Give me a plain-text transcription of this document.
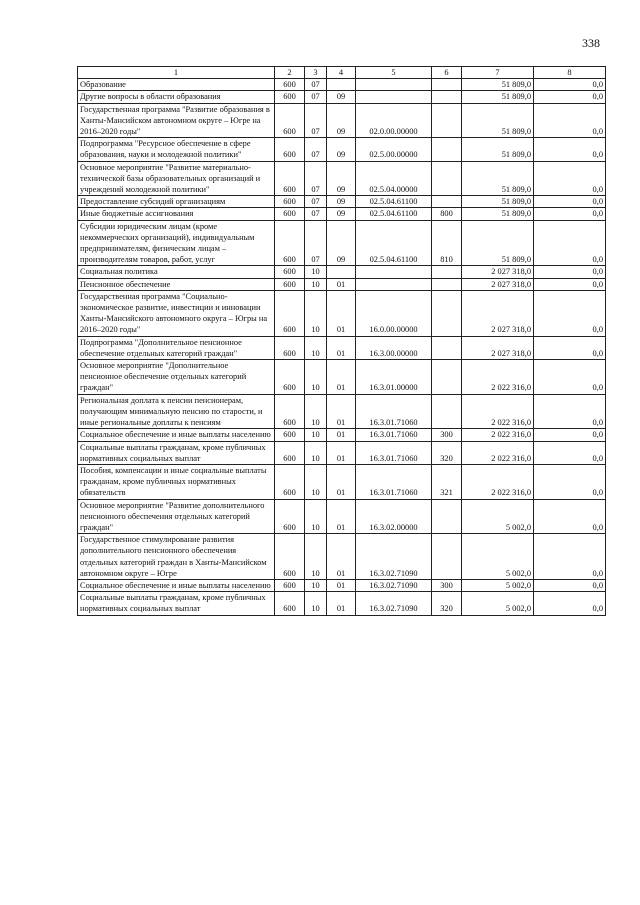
338
1	2	3	4	5	6	7	8
Образование	600	07				51 809,0	0,0
Другие вопросы в области образования	600	07	09			51 809,0	0,0
Государственная программа "Развитие образования в Ханты-Мансийском автономном округе – Югре на 2016–2020 годы"	600	07	09	02.0.00.00000		51 809,0	0,0
Подпрограмма "Ресурсное обеспечение в сфере образования, науки и молодежной политики"	600	07	09	02.5.00.00000		51 809,0	0,0
Основное мероприятие "Развитие материально-технической базы образовательных организаций и учреждений молодежной политики"	600	07	09	02.5.04.00000		51 809,0	0,0
Предоставление субсидий организациям	600	07	09	02.5.04.61100		51 809,0	0,0
Иные бюджетные ассигнования	600	07	09	02.5.04.61100	800	51 809,0	0,0
Субсидии юридическим лицам (кроме некоммерческих организаций), индивидуальным предпринимателям, физическим лицам – производителям товаров, работ, услуг	600	07	09	02.5.04.61100	810	51 809,0	0,0
Социальная политика	600	10				2 027 318,0	0,0
Пенсионное обеспечение	600	10	01			2 027 318,0	0,0
Государственная программа "Социально-экономическое развитие, инвестиции и инновации Ханты-Мансийского автономного округа – Югры на 2016–2020 годы"	600	10	01	16.0.00.00000		2 027 318,0	0,0
Подпрограмма "Дополнительное пенсионное обеспечение отдельных категорий граждан"	600	10	01	16.3.00.00000		2 027 318,0	0,0
Основное мероприятие "Дополнительное пенсионное обеспечение отдельных категорий граждан"	600	10	01	16.3.01.00000		2 022 316,0	0,0
Региональная доплата к пенсии пенсионерам, получающим минимальную пенсию по старости, и иные региональные доплаты к пенсиям	600	10	01	16.3.01.71060		2 022 316,0	0,0
Социальное обеспечение и иные выплаты населению	600	10	01	16.3.01.71060	300	2 022 316,0	0,0
Социальные выплаты гражданам, кроме публичных нормативных социальных выплат	600	10	01	16.3.01.71060	320	2 022 316,0	0,0
Пособия, компенсации и иные социальные выплаты гражданам, кроме публичных нормативных обязательств	600	10	01	16.3.01.71060	321	2 022 316,0	0,0
Основное мероприятие "Развитие дополнительного пенсионного обеспечения отдельных категорий граждан"	600	10	01	16.3.02.00000		5 002,0	0,0
Государственное стимулирование развития дополнительного пенсионного обеспечения отдельных категорий граждан в Ханты-Мансийском автономном округе – Югре	600	10	01	16.3.02.71090		5 002,0	0,0
Социальное обеспечение и иные выплаты населению	600	10	01	16.3.02.71090	300	5 002,0	0,0
Социальные выплаты гражданам, кроме публичных нормативных социальных выплат	600	10	01	16.3.02.71090	320	5 002,0	0,0
